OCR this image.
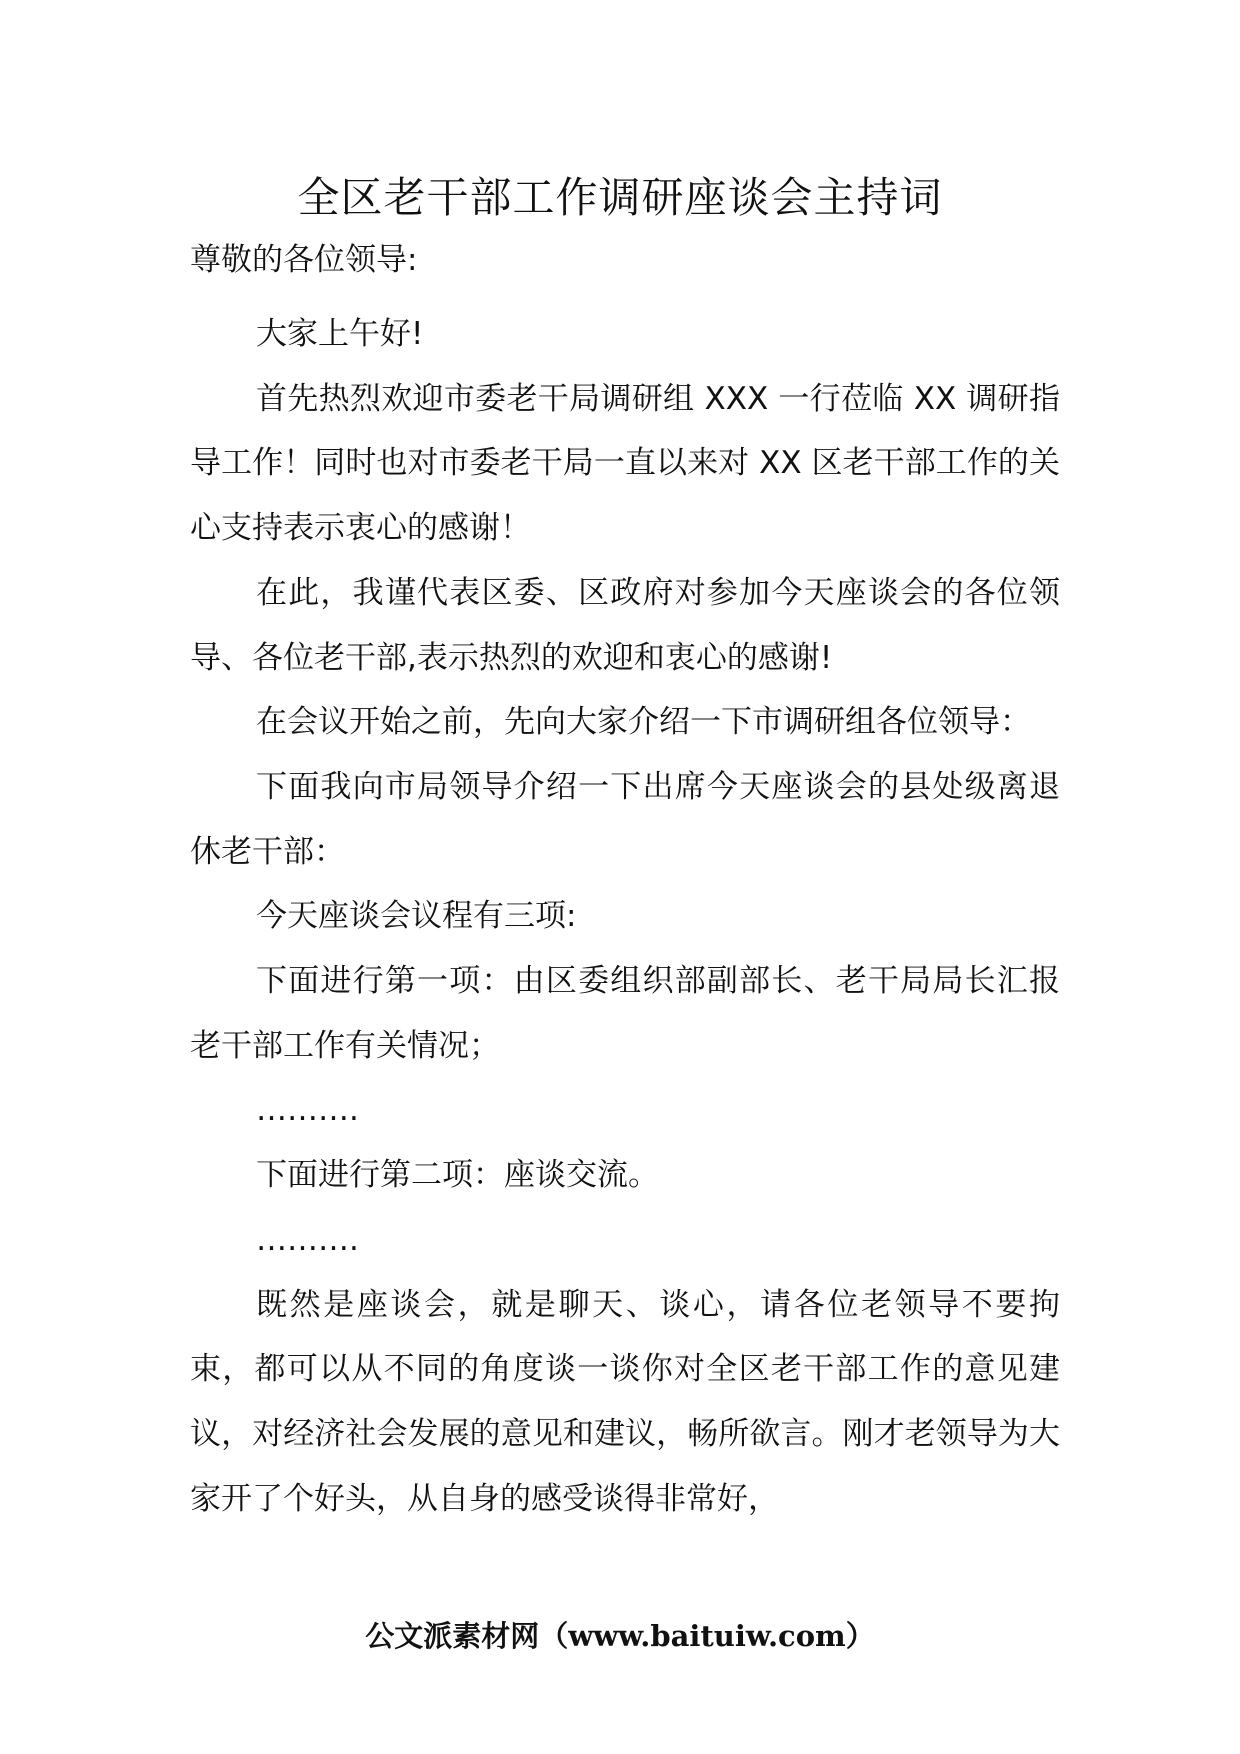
全区老干部工作调研座谈会主持词
尊敬的各位领导:

大家上午好!

首先热烈欢迎市委老干局调研组 XXX 一行莅临 XX 调研指导工作！同时也对市委老干局一直以来对 XX 区老干部工作的关心支持表示衷心的感谢！

在此，我谨代表区委、区政府对参加今天座谈会的各位领导、各位老干部,表示热烈的欢迎和衷心的感谢!

在会议开始之前，先向大家介绍一下市调研组各位领导：

下面我向市局领导介绍一下出席今天座谈会的县处级离退休老干部：

今天座谈会议程有三项:

下面进行第一项：由区委组织部副部长、老干局局长汇报老干部工作有关情况；

……….

下面进行第二项：座谈交流。

……….

既然是座谈会，就是聊天、谈心，请各位老领导不要拘束，都可以从不同的角度谈一谈你对全区老干部工作的意见建议，对经济社会发展的意见和建议，畅所欲言。刚才老领导为大家开了个好头，从自身的感受谈得非常好，

公文派素材网（www.baituiw.com）
